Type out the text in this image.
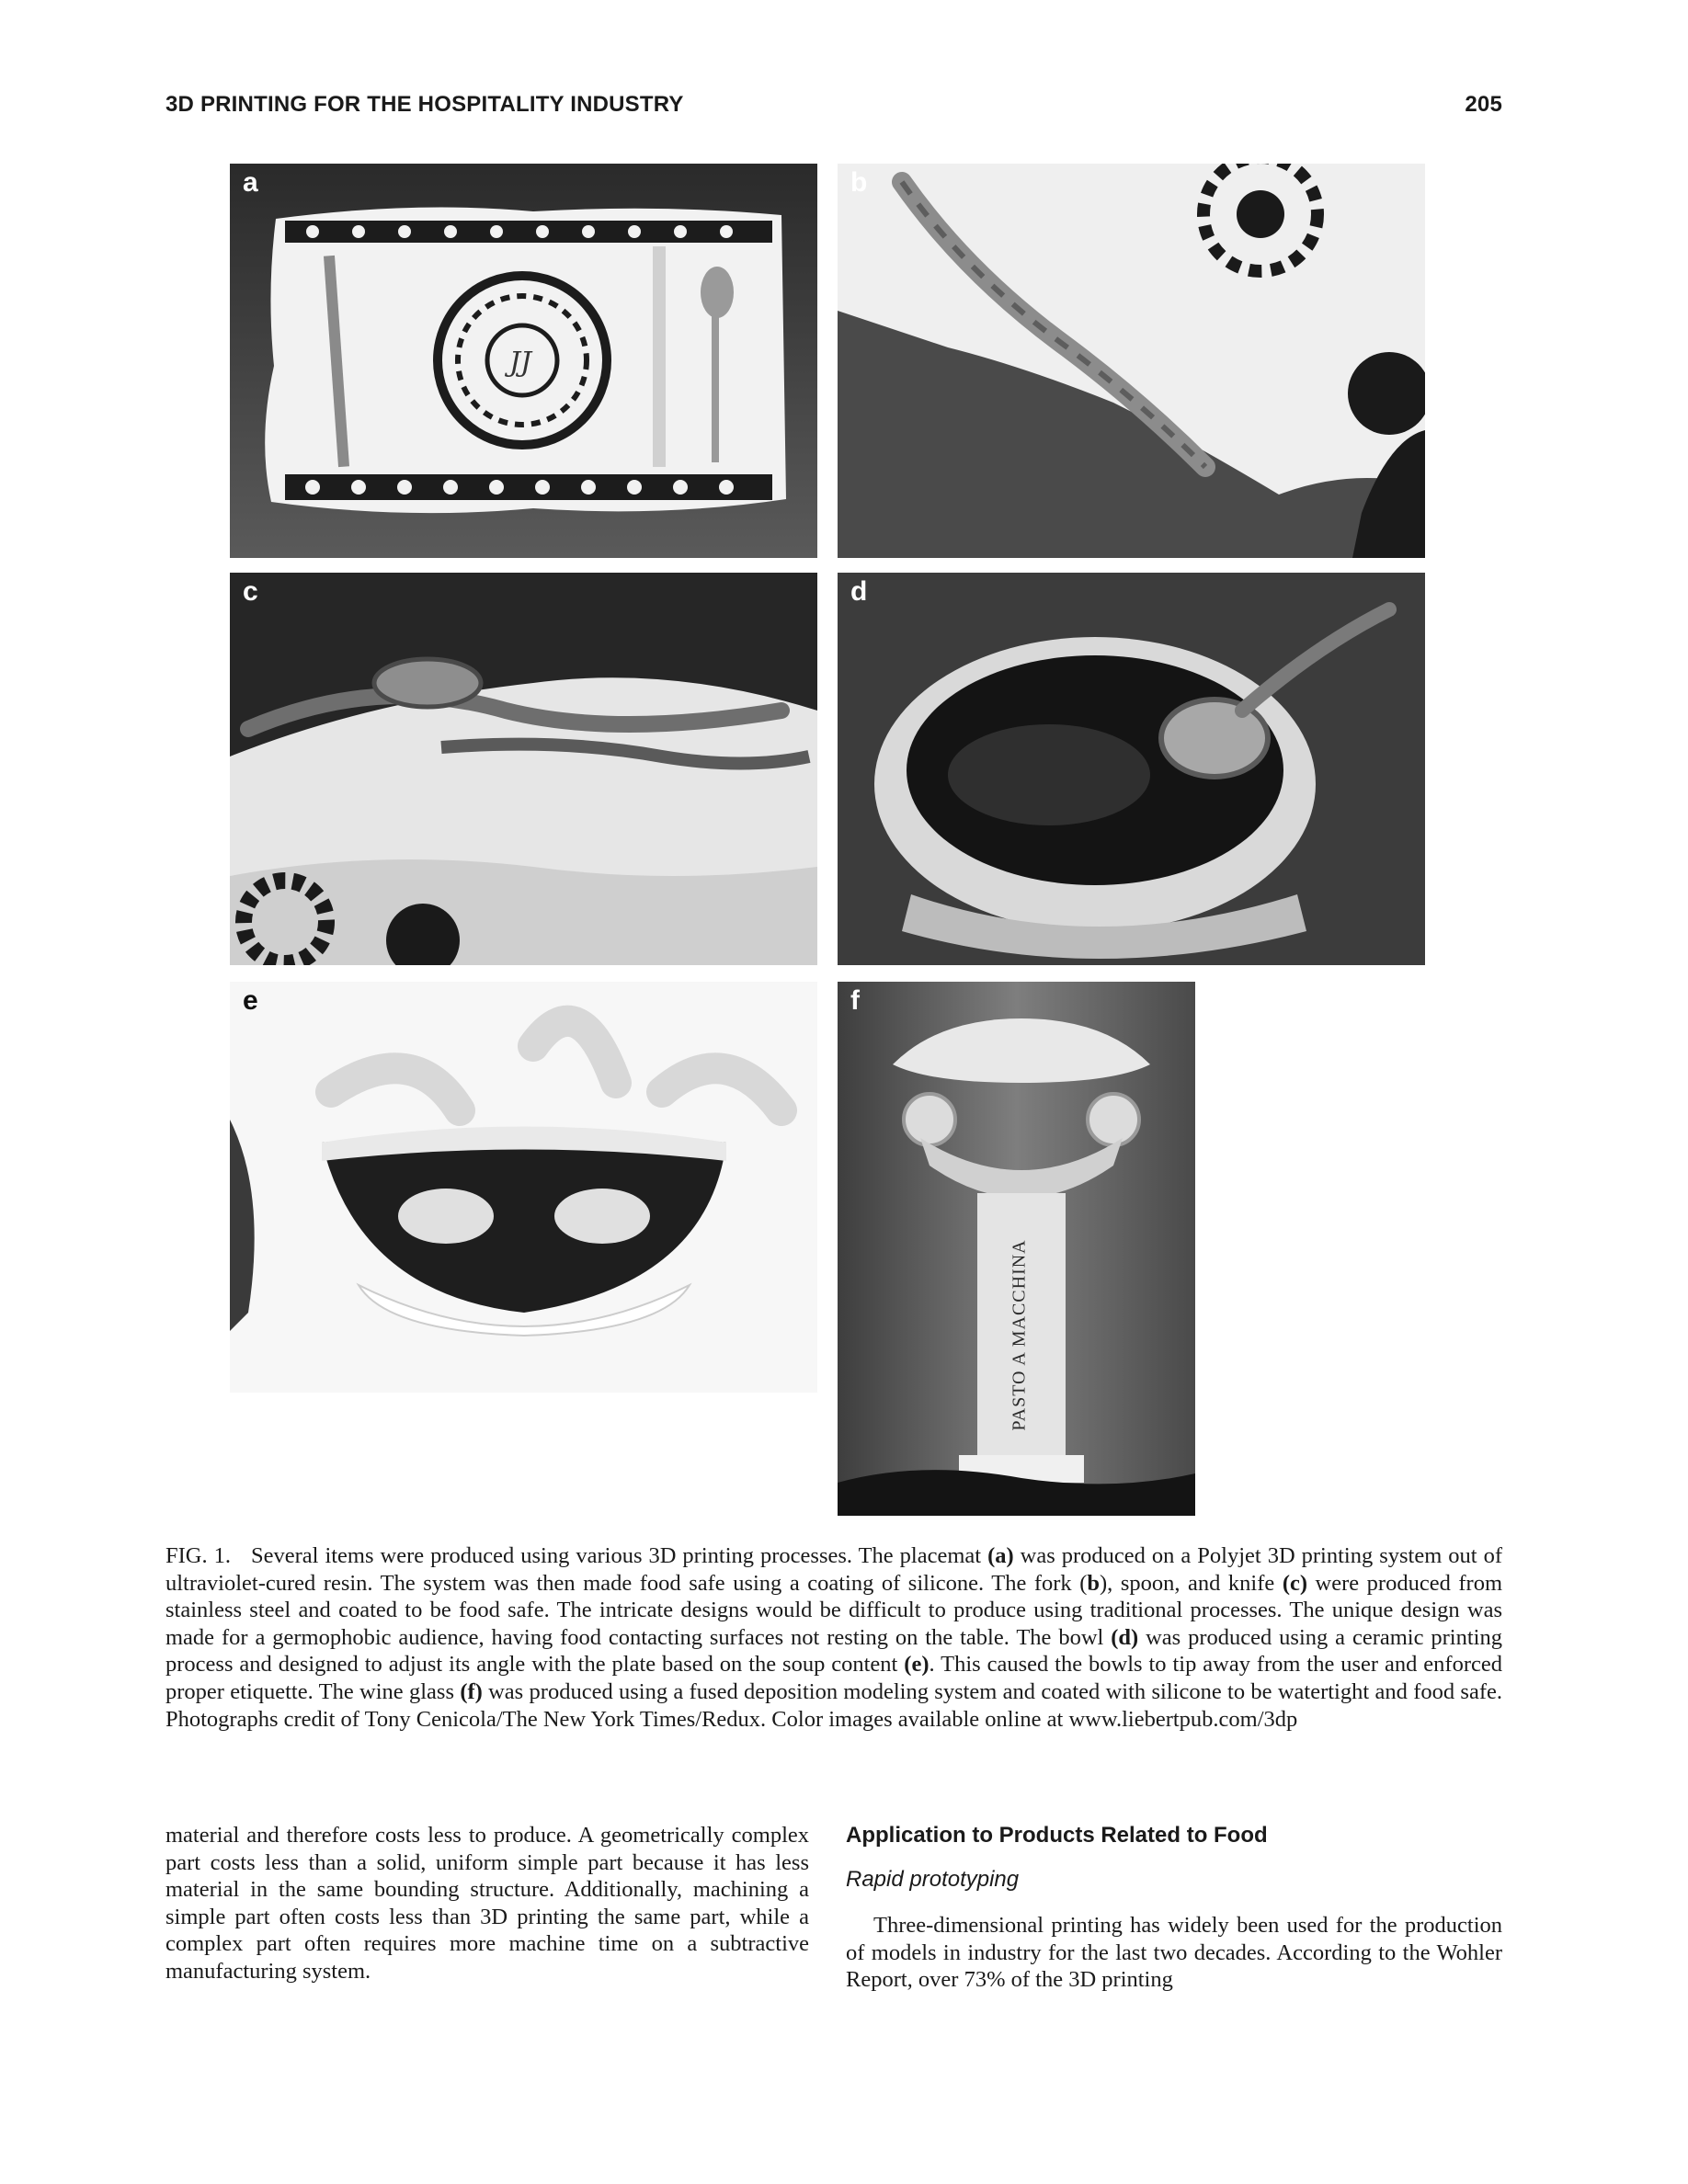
3D PRINTING FOR THE HOSPITALITY INDUSTRY	205
JJ
a	b
c	d
e	f
PASTO A MACCHINA
FIG. 1. Several items were produced using various 3D printing processes. The placemat (a) was produced on a Polyjet 3D printing system out of ultraviolet-cured resin. The system was then made food safe using a coating of silicone. The fork (b), spoon, and knife (c) were produced from stainless steel and coated to be food safe. The intricate designs would be difficult to produce using traditional processes. The unique design was made for a germophobic audience, having food contacting surfaces not resting on the table. The bowl (d) was produced using a ceramic printing process and designed to adjust its angle with the plate based on the soup content (e). This caused the bowls to tip away from the user and enforced proper etiquette. The wine glass (f) was produced using a fused deposition modeling system and coated with silicone to be watertight and food safe. Photographs credit of Tony Cenicola/The New York Times/Redux. Color images available online at www.liebertpub.com/3dp

material and therefore costs less to produce. A geometrically complex part costs less than a solid, uniform simple part because it has less material in the same bounding structure. Additionally, machining a simple part often costs less than 3D printing the same part, while a complex part often requires more machine time on a subtractive manufacturing system.

Application to Products Related to Food
Rapid prototyping

Three-dimensional printing has widely been used for the production of models in industry for the last two decades. According to the Wohler Report, over 73% of the 3D printing
